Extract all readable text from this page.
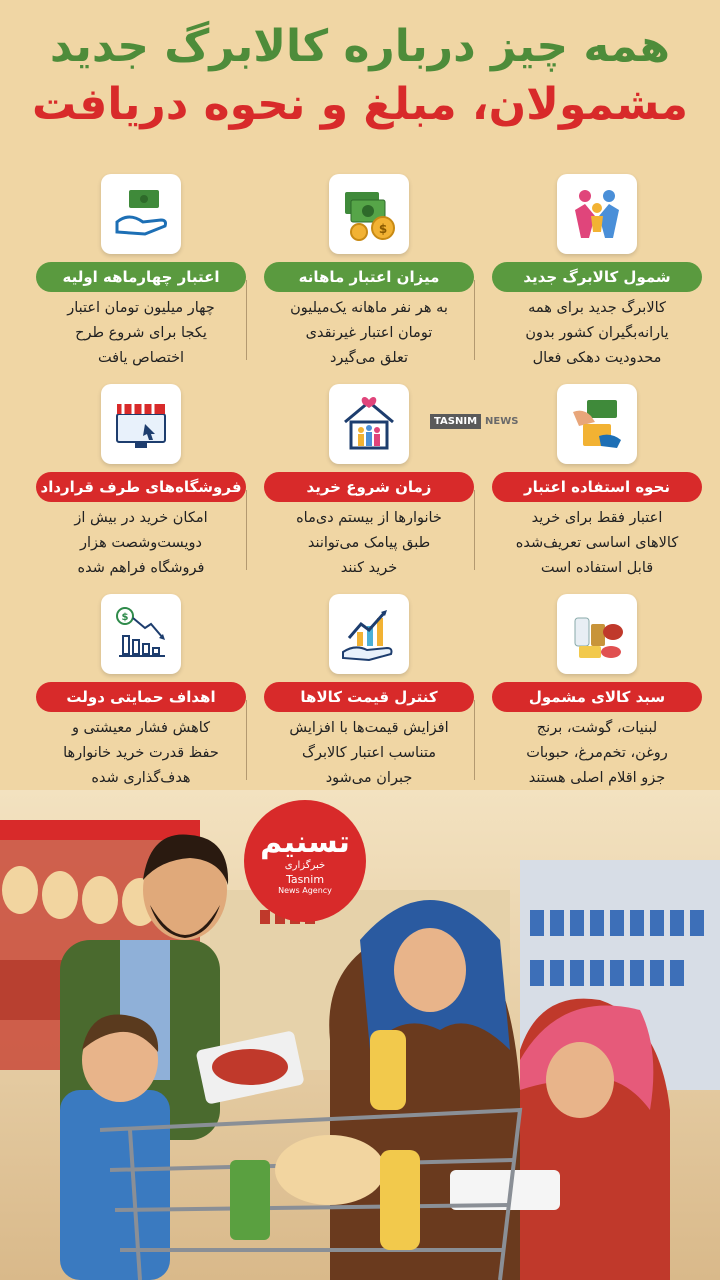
همه چیز درباره کالابرگ جدید
مشمولان، مبلغ و نحوه دریافت
شمول کالابرگ جدید
کالابرگ جدید برای همه
یارانه‌بگیران کشور بدون
محدودیت دهکی فعال
$
میزان اعتبار ماهانه
به هر نفر ماهانه یک‌میلیون
تومان اعتبار غیرنقدی
تعلق می‌گیرد
اعتبار چهارماهه اولیه
چهار میلیون تومان اعتبار
یکجا برای شروع طرح
اختصاص یافت
نحوه استفاده اعتبار
اعتبار فقط برای خرید
کالاهای اساسی تعریف‌شده
قابل استفاده است
زمان شروع خرید
خانوارها از بیستم دی‌ماه
طبق پیامک می‌توانند
خرید کنند
فروشگاه‌های طرف قرارداد
امکان خرید در بیش از
دویست‌وشصت هزار
فروشگاه فراهم شده
سبد کالای مشمول
لبنیات، گوشت، برنج
روغن، تخم‌مرغ، حبوبات
جزو اقلام اصلی هستند
کنترل قیمت کالاها
افزایش قیمت‌ها با افزایش
متناسب اعتبار کالابرگ
جبران می‌شود
$
اهداف حمایتی دولت
کاهش فشار معیشتی و
حفظ قدرت خرید خانوارها
هدف‌گذاری شده
TASNIM NEWS
تسنیم
خبرگزاری
Tasnim
News Agency
